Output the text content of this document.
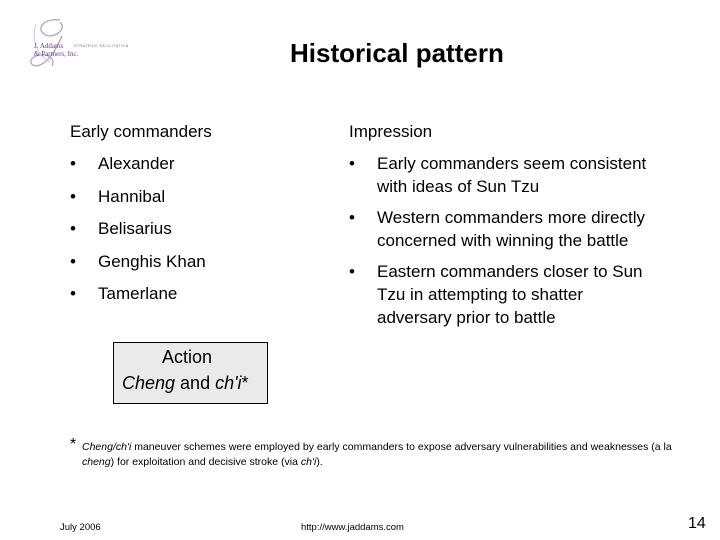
J. Addams
& Partners, Inc.
STRATEGIC FACILITATION	Historical pattern
Early commanders	Impression
• Alexander
• Hannibal
• Belisarius
• Genghis Khan
• Tamerlane
• Early commanders seem consistent with ideas of Sun Tzu
• Western commanders more directly concerned with winning the battle
• Eastern commanders closer to Sun Tzu in attempting to shatter adversary prior to battle
Action
Cheng and ch'i*
* Cheng/ch'i maneuver schemes were employed by early commanders to expose adversary vulnerabilities and weaknesses (a la cheng) for exploitation and decisive stroke (via ch'i).
July 2006	http://www.jaddams.com	14
